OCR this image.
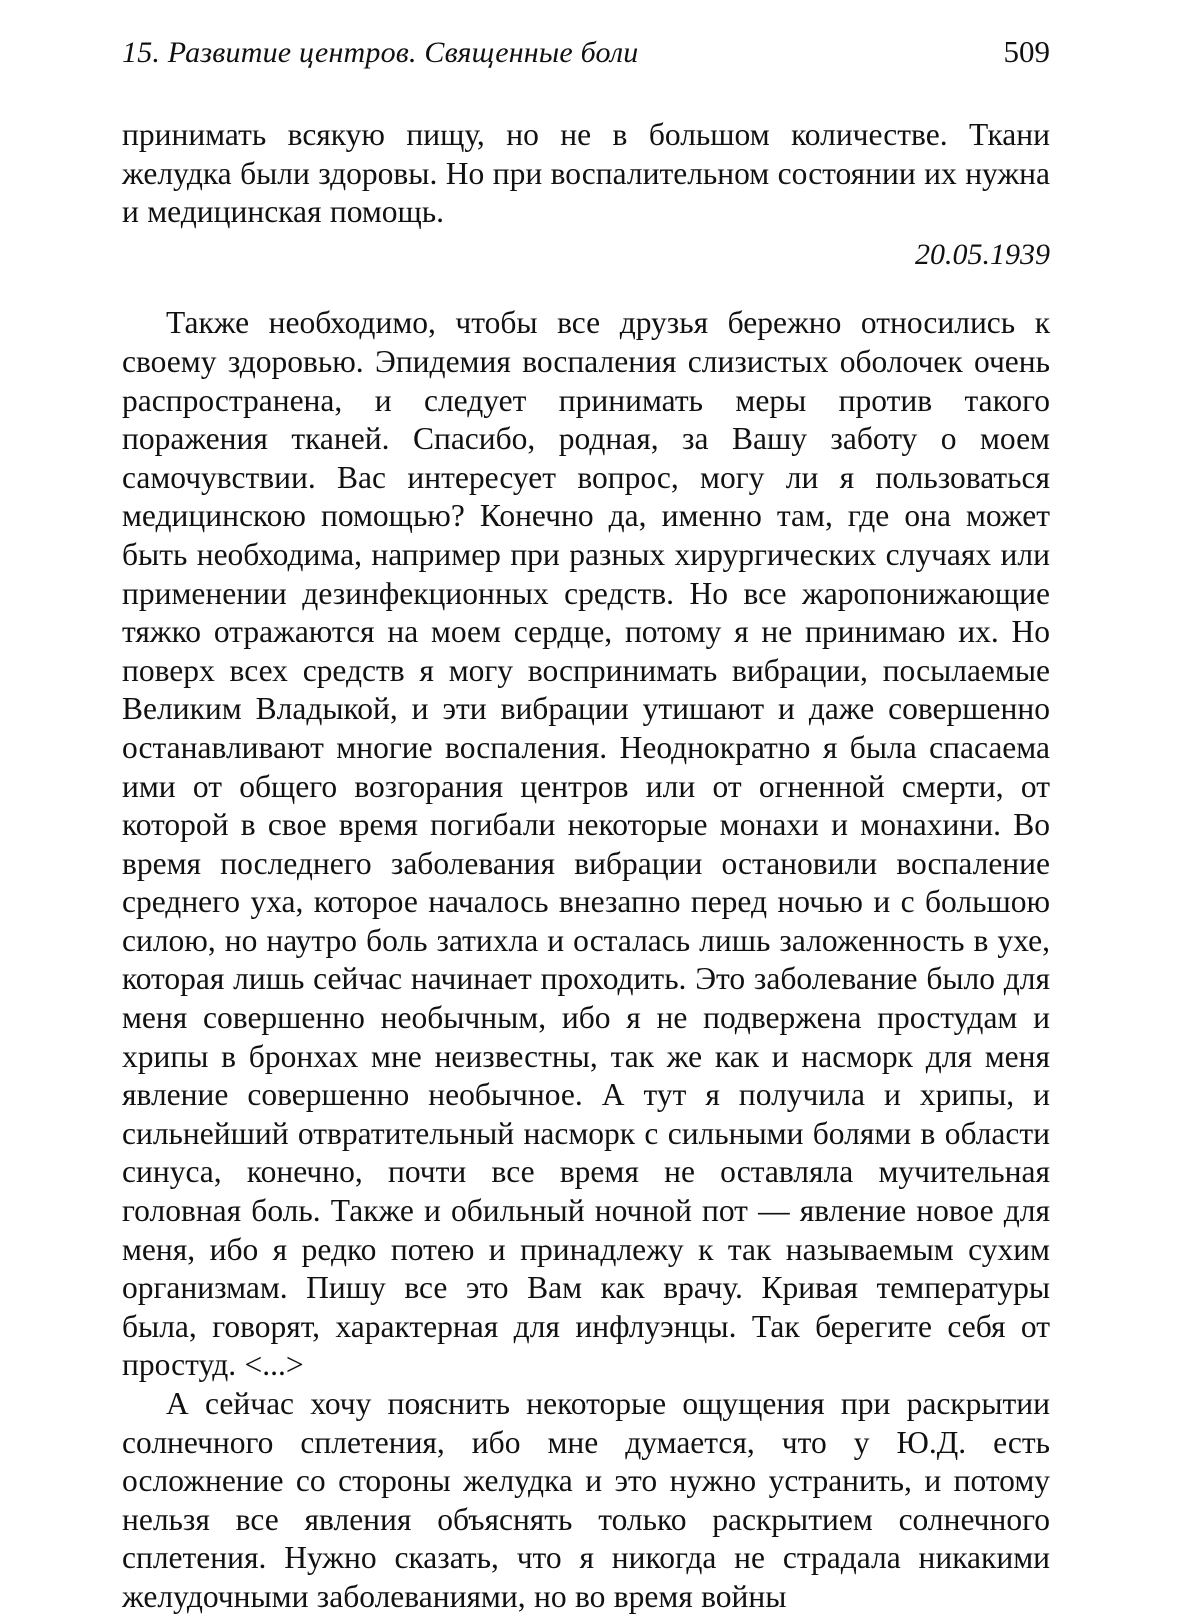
15. Развитие центров. Священные боли	509

принимать всякую пищу, но не в большом количестве. Ткани желудка были здоровы. Но при воспалительном состоянии их нужна и медицинская помощь.

20.05.1939

Также необходимо, чтобы все друзья бережно относились к своему здоровью. Эпидемия воспаления слизистых оболочек очень распространена, и следует принимать меры против такого поражения тканей. Спасибо, родная, за Вашу заботу о моем самочувствии. Вас интересует вопрос, могу ли я пользоваться медицинскою помощью? Конечно да, именно там, где она может быть необходима, например при разных хирургических случаях или применении дезинфекционных средств. Но все жаропонижающие тяжко отражаются на моем сердце, потому я не принимаю их. Но поверх всех средств я могу воспринимать вибрации, посылаемые Великим Владыкой, и эти вибрации утишают и даже совершенно останавливают многие воспаления. Неоднократно я была спасаема ими от общего возгорания центров или от огненной смерти, от которой в свое время погибали некоторые монахи и монахини. Во время последнего заболевания вибрации остановили воспаление среднего уха, которое началось внезапно перед ночью и с большою силою, но наутро боль затихла и осталась лишь заложенность в ухе, которая лишь сейчас начинает проходить. Это заболевание было для меня совершенно необычным, ибо я не подвержена простудам и хрипы в бронхах мне неизвестны, так же как и насморк для меня явление совершенно необычное. А тут я получила и хрипы, и сильнейший отвратительный насморк с сильными болями в области синуса, конечно, почти все время не оставляла мучительная головная боль. Также и обильный ночной пот — явление новое для меня, ибо я редко потею и принадлежу к так называемым сухим организмам. Пишу все это Вам как врачу. Кривая температуры была, говорят, характерная для инфлуэнцы. Так берегите себя от простуд. <...>

А сейчас хочу пояснить некоторые ощущения при раскрытии солнечного сплетения, ибо мне думается, что у Ю.Д. есть осложнение со стороны желудка и это нужно устранить, и потому нельзя все явления объяснять только раскрытием солнечного сплетения. Нужно сказать, что я никогда не страдала никакими желудочными заболеваниями, но во время войны
